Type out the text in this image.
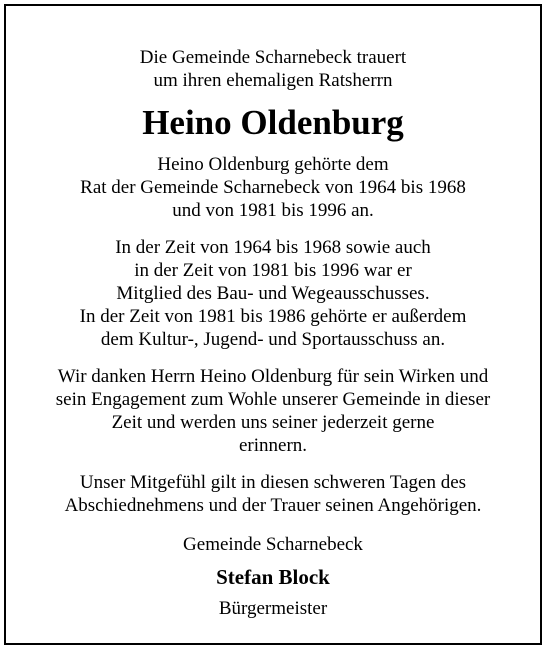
Die Gemeinde Scharnebeck trauert
um ihren ehemaligen Ratsherrn
Heino Oldenburg
Heino Oldenburg gehörte dem
Rat der Gemeinde Scharnebeck von 1964 bis 1968
und von 1981 bis 1996 an.
In der Zeit von 1964 bis 1968 sowie auch
in der Zeit von 1981 bis 1996 war er
Mitglied des Bau- und Wegeausschusses.
In der Zeit von 1981 bis 1986 gehörte er außerdem
dem Kultur-, Jugend- und Sportausschuss an.
Wir danken Herrn Heino Oldenburg für sein Wirken und
sein Engagement zum Wohle unserer Gemeinde in dieser
Zeit und werden uns seiner jederzeit gerne
erinnern.
Unser Mitgefühl gilt in diesen schweren Tagen des
Abschiednehmens und der Trauer seinen Angehörigen.
Gemeinde Scharnebeck
Stefan Block
Bürgermeister
